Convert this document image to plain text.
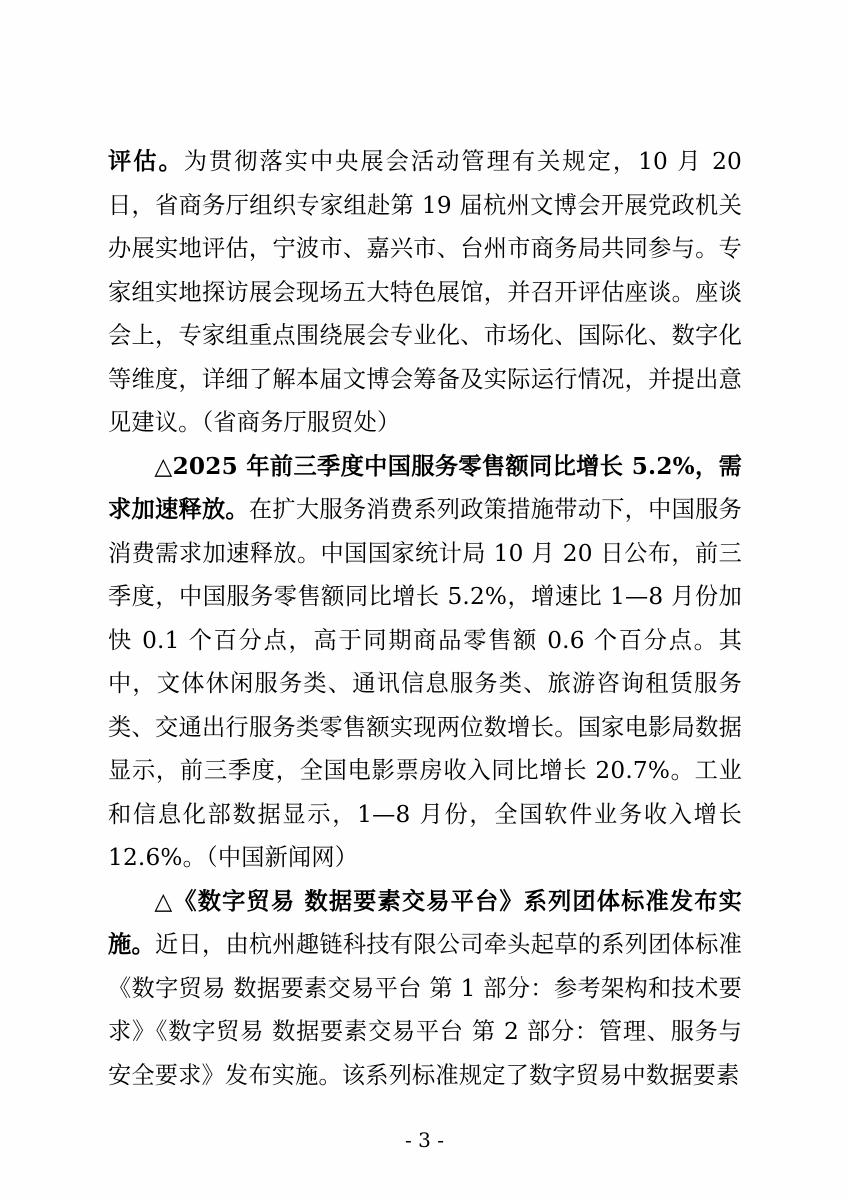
评估。为贯彻落实中央展会活动管理有关规定，10 月 20 日，省商务厅组织专家组赴第 19 届杭州文博会开展党政机关办展实地评估，宁波市、嘉兴市、台州市商务局共同参与。专家组实地探访展会现场五大特色展馆，并召开评估座谈。座谈会上，专家组重点围绕展会专业化、市场化、国际化、数字化等维度，详细了解本届文博会筹备及实际运行情况，并提出意见建议。（省商务厅服贸处）

△2025 年前三季度中国服务零售额同比增长 5.2%，需求加速释放。在扩大服务消费系列政策措施带动下，中国服务消费需求加速释放。中国国家统计局 10 月 20 日公布，前三季度，中国服务零售额同比增长 5.2%，增速比 1—8 月份加快 0.1 个百分点，高于同期商品零售额 0.6 个百分点。其中，文体休闲服务类、通讯信息服务类、旅游咨询租赁服务类、交通出行服务类零售额实现两位数增长。国家电影局数据显示，前三季度，全国电影票房收入同比增长 20.7%。工业和信息化部数据显示，1—8 月份，全国软件业务收入增长 12.6%。（中国新闻网）

△《数字贸易 数据要素交易平台》系列团体标准发布实施。近日，由杭州趣链科技有限公司牵头起草的系列团体标准《数字贸易 数据要素交易平台 第 1 部分：参考架构和技术要求》《数字贸易 数据要素交易平台 第 2 部分：管理、服务与安全要求》发布实施。该系列标准规定了数字贸易中数据要素

- 3 -
